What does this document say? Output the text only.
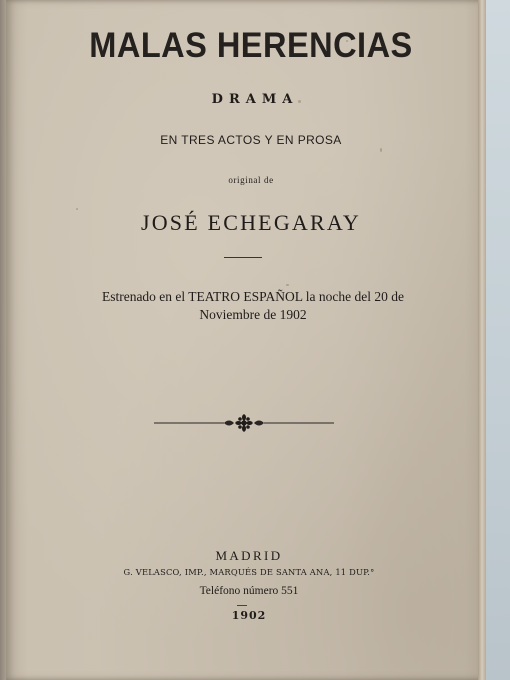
MALAS HERENCIAS
DRAMA
EN TRES ACTOS Y EN PROSA
original de
JOSÉ ECHEGARAY
Estrenado en el TEATRO ESPAÑOL la noche del 20 de
Noviembre de 1902
MADRID
G. VELASCO, IMP., MARQUÉS DE SANTA ANA, 11 DUP.°
Teléfono número 551
1902
